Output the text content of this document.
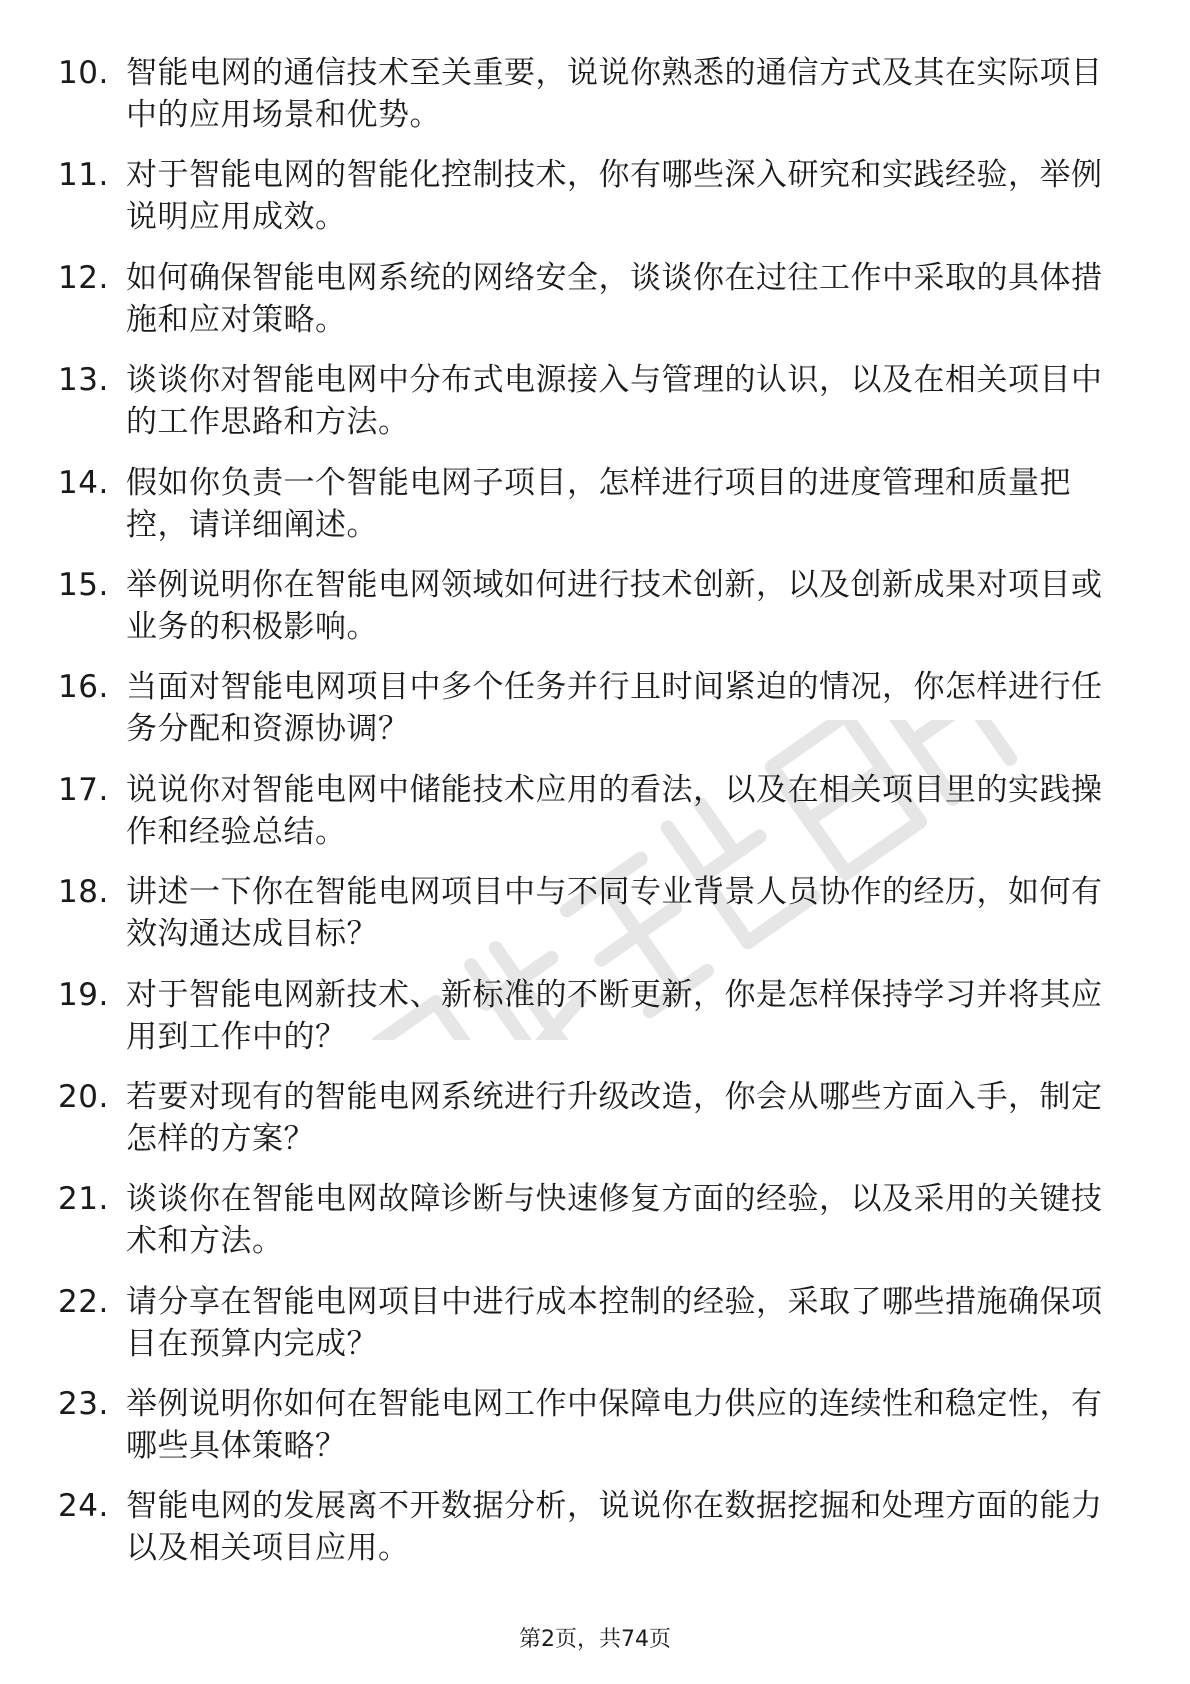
10. 智能电网的通信技术至关重要，说说你熟悉的通信方式及其在实际项目中的应用场景和优势。
11. 对于智能电网的智能化控制技术，你有哪些深入研究和实践经验，举例说明应用成效。
12. 如何确保智能电网系统的网络安全，谈谈你在过往工作中采取的具体措施和应对策略。
13. 谈谈你对智能电网中分布式电源接入与管理的认识，以及在相关项目中的工作思路和方法。
14. 假如你负责一个智能电网子项目，怎样进行项目的进度管理和质量把控，请详细阐述。
15. 举例说明你在智能电网领域如何进行技术创新，以及创新成果对项目或业务的积极影响。
16. 当面对智能电网项目中多个任务并行且时间紧迫的情况，你怎样进行任务分配和资源协调？
17. 说说你对智能电网中储能技术应用的看法，以及在相关项目里的实践操作和经验总结。
18. 讲述一下你在智能电网项目中与不同专业背景人员协作的经历，如何有效沟通达成目标？
19. 对于智能电网新技术、新标准的不断更新，你是怎样保持学习并将其应用到工作中的？
20. 若要对现有的智能电网系统进行升级改造，你会从哪些方面入手，制定怎样的方案？
21. 谈谈你在智能电网故障诊断与快速修复方面的经验，以及采用的关键技术和方法。
22. 请分享在智能电网项目中进行成本控制的经验，采取了哪些措施确保项目在预算内完成？
23. 举例说明你如何在智能电网工作中保障电力供应的连续性和稳定性，有哪些具体策略？
24. 智能电网的发展离不开数据分析，说说你在数据挖掘和处理方面的能力以及相关项目应用。
第2页，共74页
